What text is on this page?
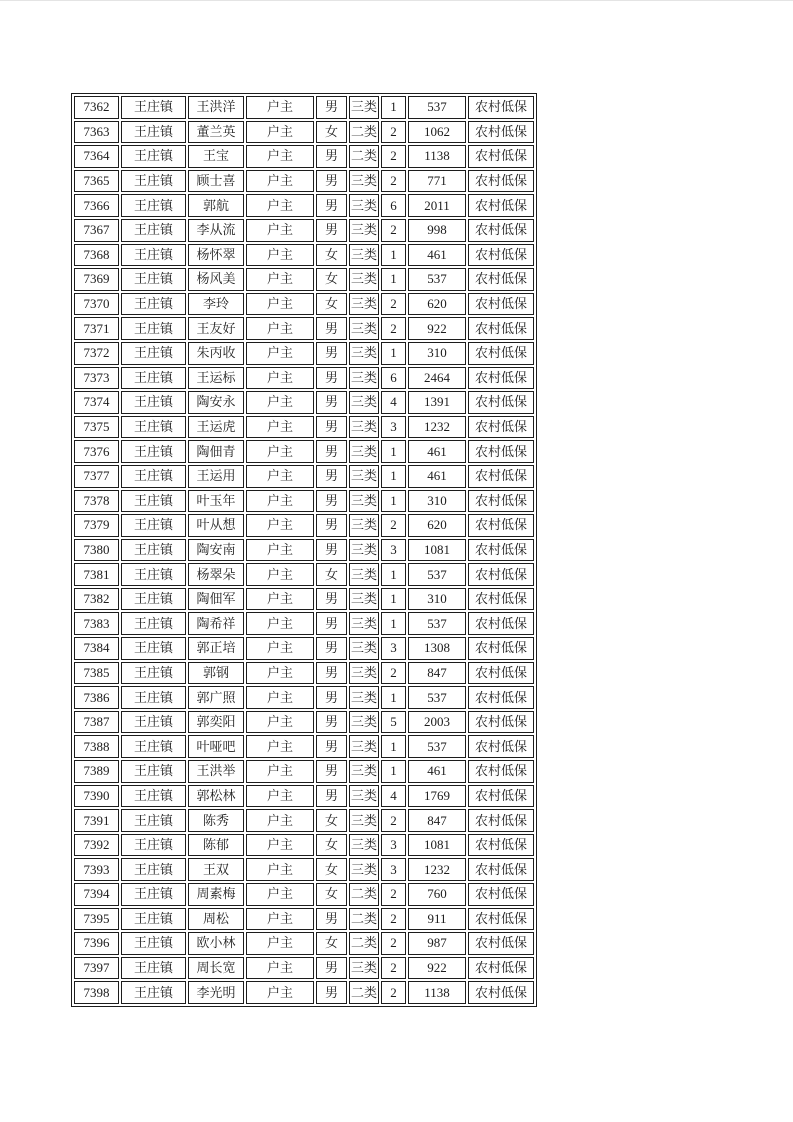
7362	王庄镇	王洪洋	户主	男	三类	1	537	农村低保
7363	王庄镇	董兰英	户主	女	二类	2	1062	农村低保
7364	王庄镇	王宝	户主	男	二类	2	1138	农村低保
7365	王庄镇	顾士喜	户主	男	三类	2	771	农村低保
7366	王庄镇	郭航	户主	男	三类	6	2011	农村低保
7367	王庄镇	李从流	户主	男	三类	2	998	农村低保
7368	王庄镇	杨怀翠	户主	女	三类	1	461	农村低保
7369	王庄镇	杨风美	户主	女	三类	1	537	农村低保
7370	王庄镇	李玲	户主	女	三类	2	620	农村低保
7371	王庄镇	王友好	户主	男	三类	2	922	农村低保
7372	王庄镇	朱丙收	户主	男	三类	1	310	农村低保
7373	王庄镇	王运标	户主	男	三类	6	2464	农村低保
7374	王庄镇	陶安永	户主	男	三类	4	1391	农村低保
7375	王庄镇	王运虎	户主	男	三类	3	1232	农村低保
7376	王庄镇	陶佃青	户主	男	三类	1	461	农村低保
7377	王庄镇	王运用	户主	男	三类	1	461	农村低保
7378	王庄镇	叶玉年	户主	男	三类	1	310	农村低保
7379	王庄镇	叶从想	户主	男	三类	2	620	农村低保
7380	王庄镇	陶安南	户主	男	三类	3	1081	农村低保
7381	王庄镇	杨翠朵	户主	女	三类	1	537	农村低保
7382	王庄镇	陶佃军	户主	男	三类	1	310	农村低保
7383	王庄镇	陶希祥	户主	男	三类	1	537	农村低保
7384	王庄镇	郭正培	户主	男	三类	3	1308	农村低保
7385	王庄镇	郭钢	户主	男	三类	2	847	农村低保
7386	王庄镇	郭广照	户主	男	三类	1	537	农村低保
7387	王庄镇	郭奕阳	户主	男	三类	5	2003	农村低保
7388	王庄镇	叶哑吧	户主	男	三类	1	537	农村低保
7389	王庄镇	王洪举	户主	男	三类	1	461	农村低保
7390	王庄镇	郭松林	户主	男	三类	4	1769	农村低保
7391	王庄镇	陈秀	户主	女	三类	2	847	农村低保
7392	王庄镇	陈郁	户主	女	三类	3	1081	农村低保
7393	王庄镇	王双	户主	女	三类	3	1232	农村低保
7394	王庄镇	周素梅	户主	女	二类	2	760	农村低保
7395	王庄镇	周松	户主	男	二类	2	911	农村低保
7396	王庄镇	欧小林	户主	女	二类	2	987	农村低保
7397	王庄镇	周长宽	户主	男	三类	2	922	农村低保
7398	王庄镇	李光明	户主	男	二类	2	1138	农村低保
